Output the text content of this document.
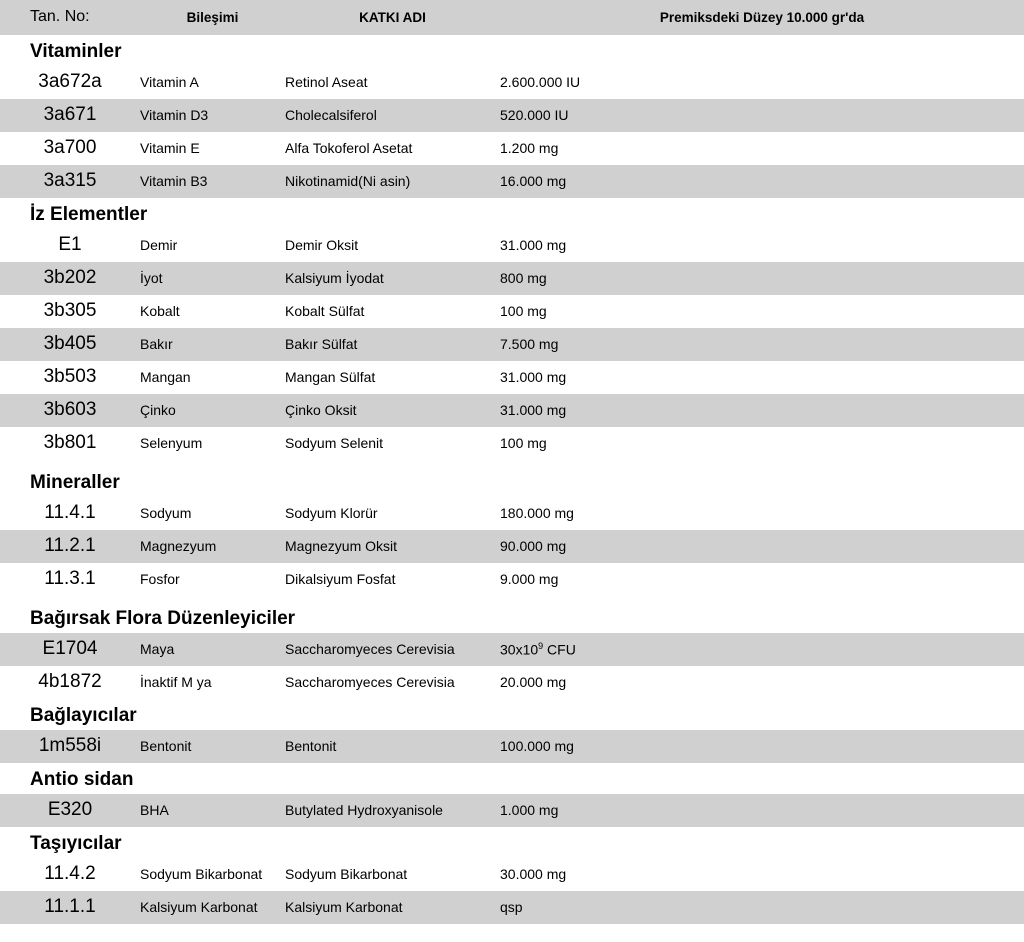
Tan. No:	Bileşimi	KATKI ADI	Premiksdeki Düzey 10.000 gr'da
Vitaminler			
3a672a	Vitamin A	Retinol Aseat	2.600.000 IU
3a671	Vitamin D3	Cholecalsiferol	520.000 IU
3a700	Vitamin E	Alfa Tokoferol Asetat	1.200 mg
3a315	Vitamin B3	Nikotinamid(Ni asin)	16.000 mg
İz Elementler			
E1	Demir	Demir Oksit	31.000 mg
3b202	İyot	Kalsiyum İyodat	800 mg
3b305	Kobalt	Kobalt Sülfat	100 mg
3b405	Bakır	Bakır Sülfat	7.500 mg
3b503	Mangan	Mangan Sülfat	31.000 mg
3b603	Çinko	Çinko Oksit	31.000 mg
3b801	Selenyum	Sodyum Selenit	100 mg

Mineraller			
11.4.1	Sodyum	Sodyum Klorür	180.000 mg
11.2.1	Magnezyum	Magnezyum Oksit	90.000 mg
11.3.1	Fosfor	Dikalsiyum Fosfat	9.000 mg

Bağırsak Flora Düzenleyiciler			
E1704	Maya	Saccharomyeces Cerevisia	$30x10^9$ CFU
4b1872	İnaktif M ya	Saccharomyeces Cerevisia	20.000 mg
Bağlayıcılar			
1m558i	Bentonit	Bentonit	100.000 mg
Antio sidan			
E320	BHA	Butylated Hydroxyanisole	1.000 mg
Taşıyıcılar			
11.4.2	Sodyum Bikarbonat	Sodyum Bikarbonat	30.000 mg
11.1.1	Kalsiyum Karbonat	Kalsiyum Karbonat	qsp
